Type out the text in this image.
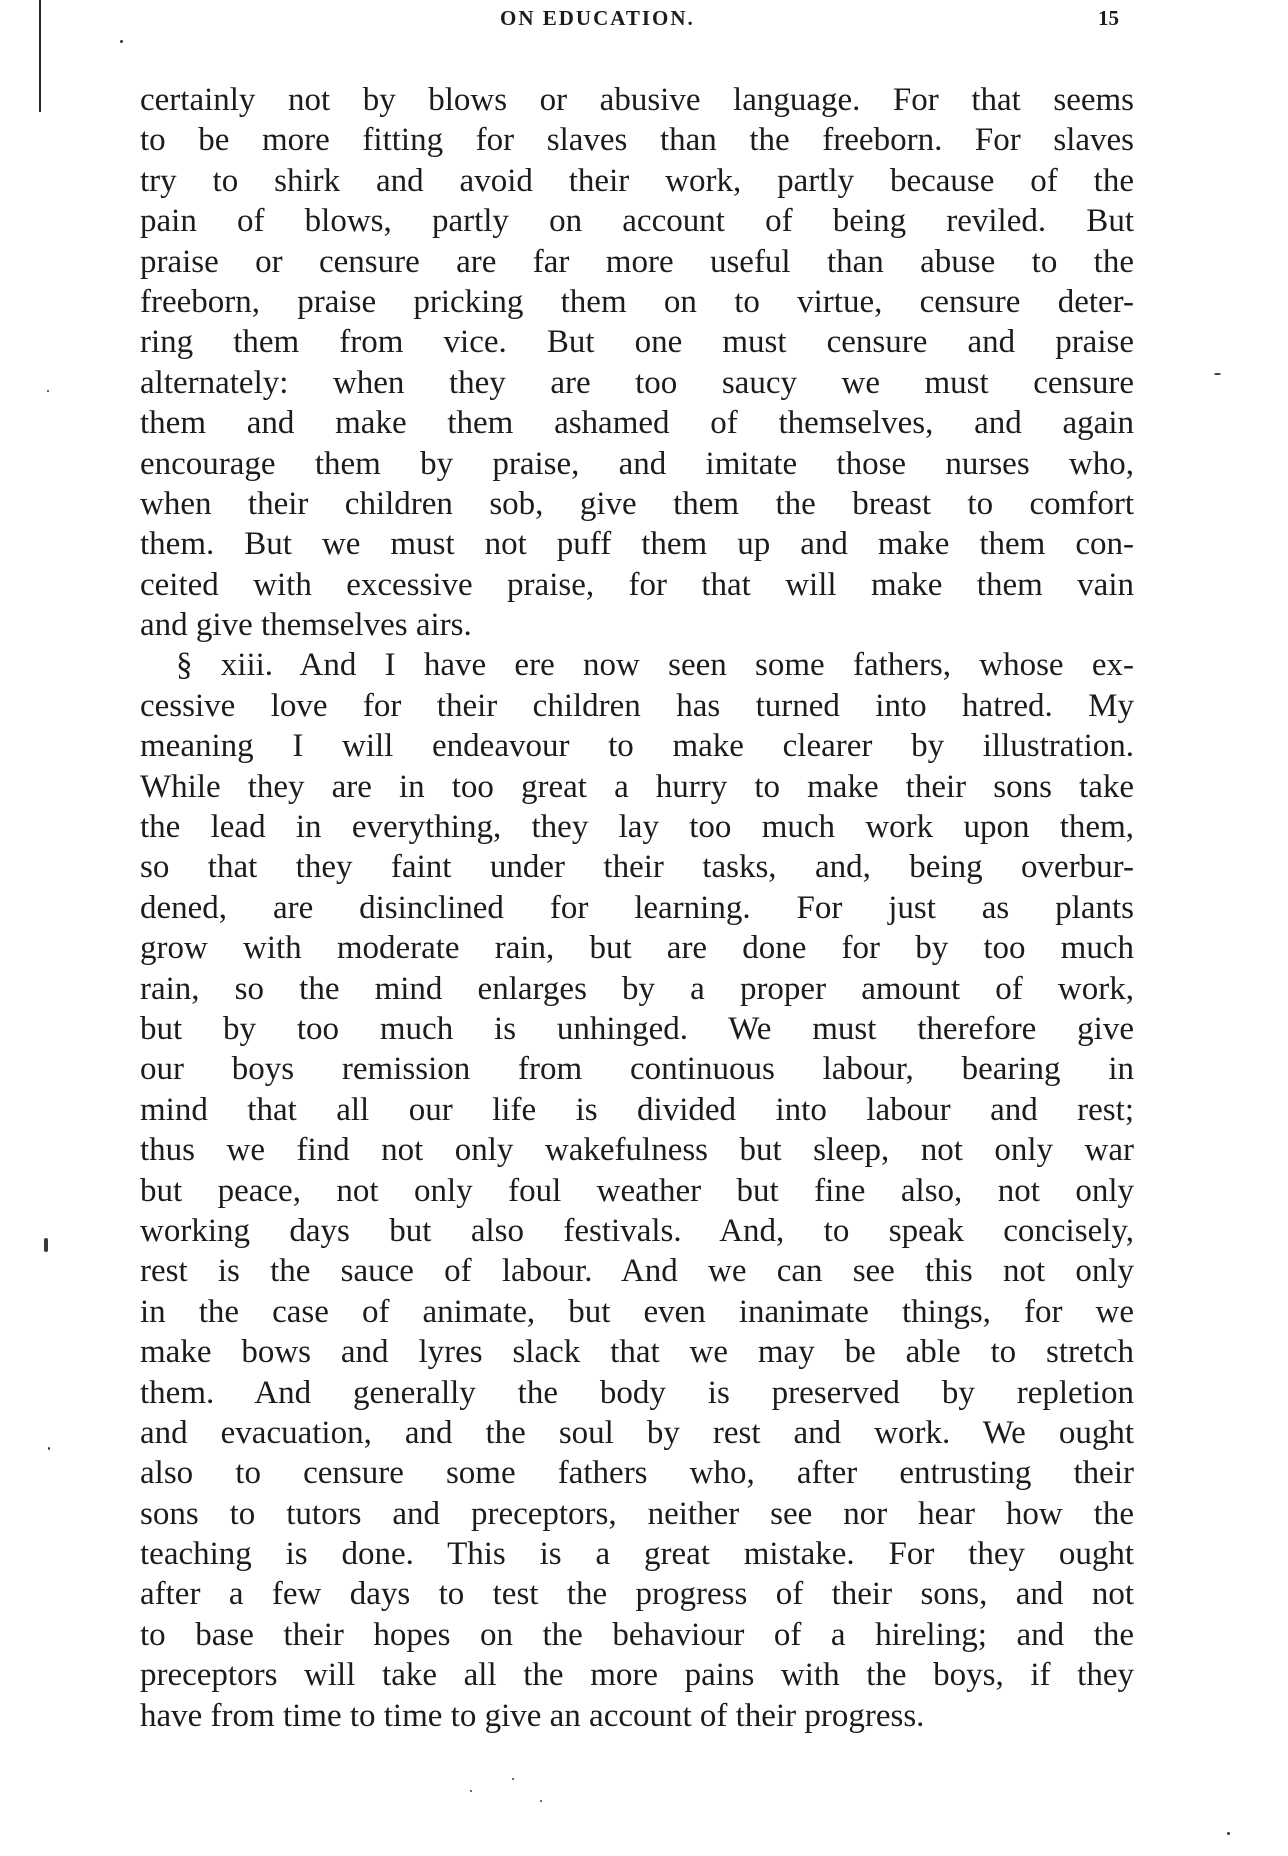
ON EDUCATION.	15
certainly not by blows or abusive language. For that seems
to be more fitting for slaves than the freeborn. For slaves
try to shirk and avoid their work, partly because of the
pain of blows, partly on account of being reviled. But
praise or censure are far more useful than abuse to the
freeborn, praise pricking them on to virtue, censure deter-
ring them from vice. But one must censure and praise
alternately: when they are too saucy we must censure
them and make them ashamed of themselves, and again
encourage them by praise, and imitate those nurses who,
when their children sob, give them the breast to comfort
them. But we must not puff them up and make them con-
ceited with excessive praise, for that will make them vain
and give themselves airs.
§ xiii. And I have ere now seen some fathers, whose ex-
cessive love for their children has turned into hatred. My
meaning I will endeavour to make clearer by illustration.
While they are in too great a hurry to make their sons take
the lead in everything, they lay too much work upon them,
so that they faint under their tasks, and, being overbur-
dened, are disinclined for learning. For just as plants
grow with moderate rain, but are done for by too much
rain, so the mind enlarges by a proper amount of work,
but by too much is unhinged. We must therefore give
our boys remission from continuous labour, bearing in
mind that all our life is divided into labour and rest;
thus we find not only wakefulness but sleep, not only war
but peace, not only foul weather but fine also, not only
working days but also festivals. And, to speak concisely,
rest is the sauce of labour. And we can see this not only
in the case of animate, but even inanimate things, for we
make bows and lyres slack that we may be able to stretch
them. And generally the body is preserved by repletion
and evacuation, and the soul by rest and work. We ought
also to censure some fathers who, after entrusting their
sons to tutors and preceptors, neither see nor hear how the
teaching is done. This is a great mistake. For they ought
after a few days to test the progress of their sons, and not
to base their hopes on the behaviour of a hireling; and the
preceptors will take all the more pains with the boys, if they
have from time to time to give an account of their progress.
